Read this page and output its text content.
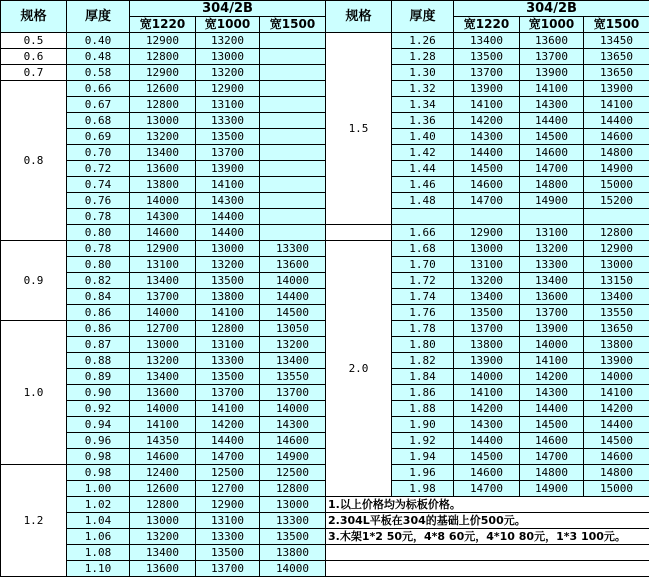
规格	厚度	304/2B			规格	厚度	304/2B		
		宽1220	宽1000	宽1500			宽1220	宽1000	宽1500
0.5	0.40	12900	13200		1.5	1.26	13400	13600	13450
0.6	0.48	12800	13000			1.28	13500	13700	13650
0.7	0.58	12900	13200			1.30	13700	13900	13650
0.8	0.66	12600	12900			1.32	13900	14100	13900
	0.67	12800	13100			1.34	14100	14300	14100
	0.68	13000	13300			1.36	14200	14400	14400
	0.69	13200	13500			1.40	14300	14500	14600
	0.70	13400	13700			1.42	14400	14600	14800
	0.72	13600	13900			1.44	14500	14700	14900
	0.74	13800	14100			1.46	14600	14800	15000
	0.76	14000	14300			1.48	14700	14900	15200
	0.78	14300	14400						
	0.80	14600	14400			1.66	12900	13100	12800
0.9	0.78	12900	13000	13300	2.0	1.68	13000	13200	12900
	0.80	13100	13200	13600		1.70	13100	13300	13000
	0.82	13400	13500	14000		1.72	13200	13400	13150
	0.84	13700	13800	14400		1.74	13400	13600	13400
	0.86	14000	14100	14500		1.76	13500	13700	13550
1.0	0.86	12700	12800	13050		1.78	13700	13900	13650
	0.87	13000	13100	13200		1.80	13800	14000	13800
	0.88	13200	13300	13400		1.82	13900	14100	13900
	0.89	13400	13500	13550		1.84	14000	14200	14000
	0.90	13600	13700	13700		1.86	14100	14300	14100
	0.92	14000	14100	14000		1.88	14200	14400	14200
	0.94	14100	14200	14300		1.90	14300	14500	14400
	0.96	14350	14400	14600		1.92	14400	14600	14500
	0.98	14600	14700	14900		1.94	14500	14700	14600
1.2	0.98	12400	12500	12500		1.96	14600	14800	14800
	1.00	12600	12700	12800		1.98	14700	14900	15000
	1.02	12800	12900	13000	1.以上价格均为标板价格。				
	1.04	13000	13100	13300	2.304L平板在304的基础上价500元。				
	1.06	13200	13300	13500	3.木架1*2 50元，4*8 60元，4*10 80元，1*3 100元。				
	1.08	13400	13500	13800					
	1.10	13600	13700	14000					
